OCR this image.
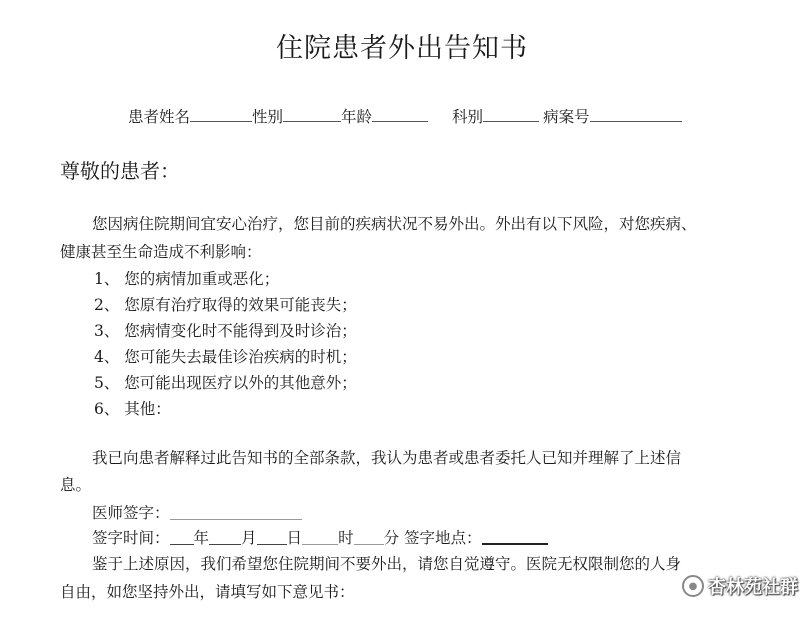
住院患者外出告知书
患者姓名	性别	年龄	科别	病案号
尊敬的患者：
您因病住院期间宜安心治疗，您目前的疾病状况不易外出。外出有以下风险，对您疾病、
健康甚至生命造成不利影响：
1、 您的病情加重或恶化；
2、 您原有治疗取得的效果可能丧失；
3、 您病情变化时不能得到及时诊治；
4、 您可能失去最佳诊治疾病的时机；
5、 您可能出现医疗以外的其他意外；
6、 其他：
我已向患者解释过此告知书的全部条款，我认为患者或患者委托人已知并理解了上述信
息。
医师签字：
签字时间： 年 月 日 时 分 签字地点：
鉴于上述原因，我们希望您住院期间不要外出，请您自觉遵守。医院无权限制您的人身
自由，如您坚持外出，请填写如下意见书：	● 杏林苑社群
